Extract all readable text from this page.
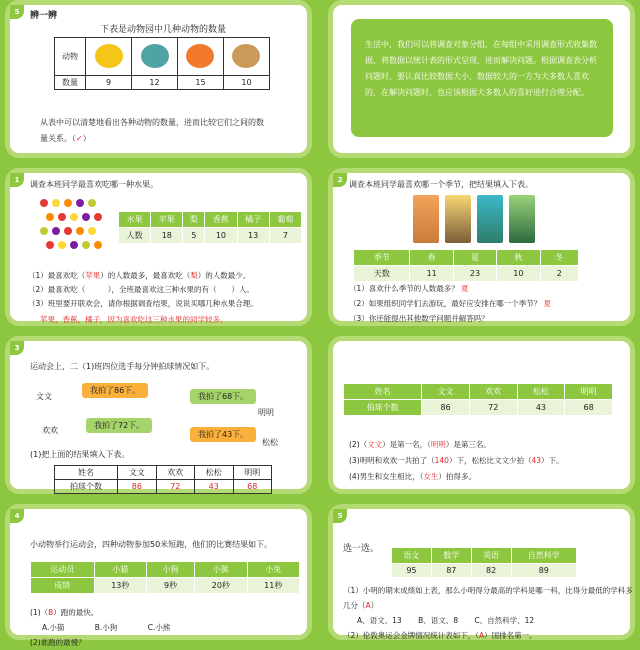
5	辨一辨
下表是动物园中几种动物的数量
动物				
数量	9	12	15	10
从表中可以清楚地看出各种动物的数量，进而比较它们之间的数
量关系。（✓）
生活中，我们可以将调查对象分组，在每组中采用调查形式收集数据，将数据以统计表的形式呈现，进而解决问题。根据调查表分析问题时，要认真比较数据大小，数据较大的一方为大多数人喜欢的，在解决问题时，也应该根据大多数人的喜好进行合理分配。
1	调查本班同学最喜欢吃哪一种水果。
水果	苹果	梨	香蕉	橘子	葡萄
人数	18	5	10	13	7
（1）最喜欢吃（苹果）的人数最多，最喜欢吃（梨）的人数最少。
（2）最喜欢吃（　　　），全班最喜欢这三种水果的有（　　）人。
（3）班里要开联欢会，请你根据调查结果，说说买哪几种水果合理。
苹果，香蕉，橘子，因为喜欢吃这三种水果的同学较多。
2 调查本班同学最喜欢哪一个季节，把结果填入下表。
季节	春	夏	秋	冬
天数	11	23	10	2
（1）喜欢什么季节的人数最多？ 夏
（2）如果组织同学们去游玩，最好应安排在哪一个季节？ 夏
（3）你还能提出其他数学问题并解答吗？
3
运动会上，二（1)班四位选手每分钟拍球情况如下。
文文
欢欢
明明
松松
我拍了86下。
我拍了72下。
我拍了68下。
我拍了43下。
(1)把上面的结果填入下表。
姓名	文文	欢欢	松松	明明
拍球个数	86	72	43	68
姓名	文文	欢欢	松松	明明
拍球个数	86	72	43	68
(2)（文文）是第一名，（明明）是第三名。
(3)明明和欢欢一共拍了（140）下，松松比文文少拍（43）下。
(4)男生和女生相比，（女生）拍得多。
4
小动物举行运动会，四种动物参加50米短跑，他们的比赛结果如下。
运动员	小猫	小狗	小熊	小兔
成绩	13秒	9秒	20秒	11秒
(1)（B）跑的最快。
A.小猫	B.小狗	C.小熊
(2)谁跑的最慢？
5
选一选。
语文	数学	英语	自然科学
95	87	82	89
（1）小明的期末成绩如上表，那么小明得分最高的学科是哪一科，比得分最低的学科多几分（A）
A、语文、13 B、语文、8 C、自然科学、12
（2）伦敦奥运会金牌情况统计表如下，（A）国排名第一。
